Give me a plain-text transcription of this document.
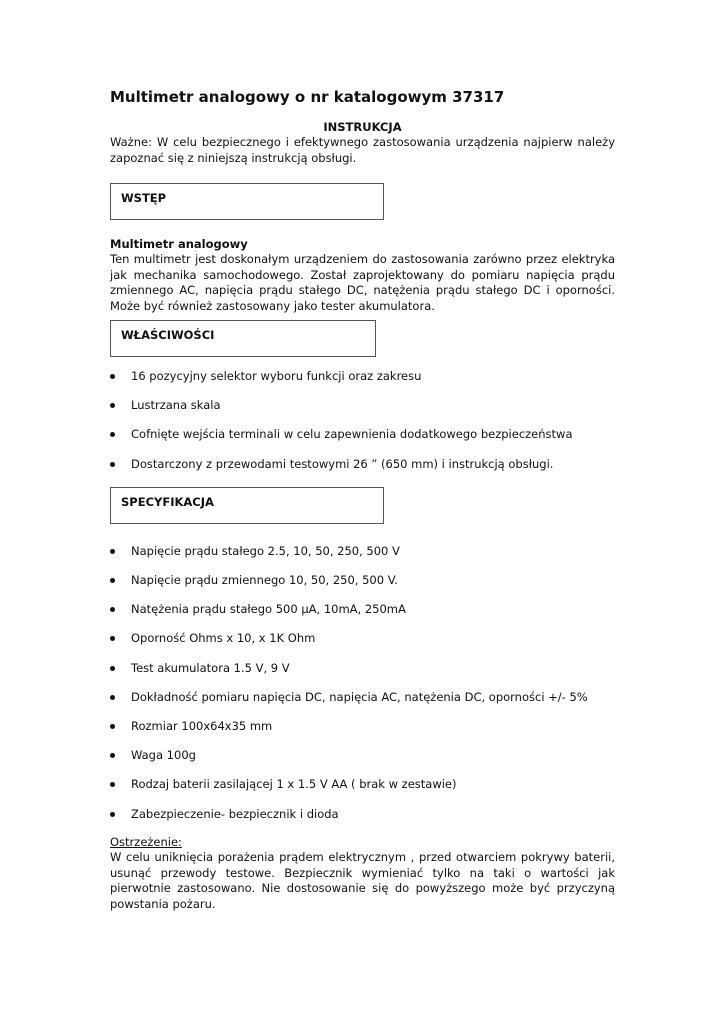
Multimetr analogowy o nr katalogowym 37317

INSTRUKCJA

Ważne: W celu bezpiecznego i efektywnego zastosowania urządzenia najpierw należy zapoznać się z niniejszą instrukcją obsługi.

WSTĘP

Multimetr analogowy

Ten multimetr jest doskonałym urządzeniem do zastosowania zarówno przez elektryka jak mechanika samochodowego. Został zaprojektowany do pomiaru napięcia prądu zmiennego AC, napięcia prądu stałego DC, natężenia prądu stałego DC i oporności. Może być również zastosowany jako tester akumulatora.

WŁAŚCIWOŚCI
16 pozycyjny selektor wyboru funkcji oraz zakresu
Lustrzana skala
Cofnięte wejścia terminali w celu zapewnienia dodatkowego bezpieczeństwa
Dostarczony z przewodami testowymi 26 ” (650 mm) i instrukcją obsługi.
SPECYFIKACJA
Napięcie prądu stałego 2.5, 10, 50, 250, 500 V
Napięcie prądu zmiennego 10, 50, 250, 500 V.
Natężenia prądu stałego 500 μA, 10mA, 250mA
Oporność Ohms x 10, x 1K Ohm
Test akumulatora 1.5 V, 9 V
Dokładność pomiaru napięcia DC, napięcia AC, natężenia DC, oporności +/- 5%
Rozmiar 100x64x35 mm
Waga 100g
Rodzaj baterii zasilającej 1 x 1.5 V AA ( brak w zestawie)
Zabezpieczenie- bezpiecznik i dioda

Ostrzeżenie:

W celu uniknięcia porażenia prądem elektrycznym , przed otwarciem pokrywy baterii, usunąć przewody testowe. Bezpiecznik wymieniać tylko na taki o wartości jak pierwotnie zastosowano. Nie dostosowanie się do powyższego może być przyczyną powstania pożaru.
